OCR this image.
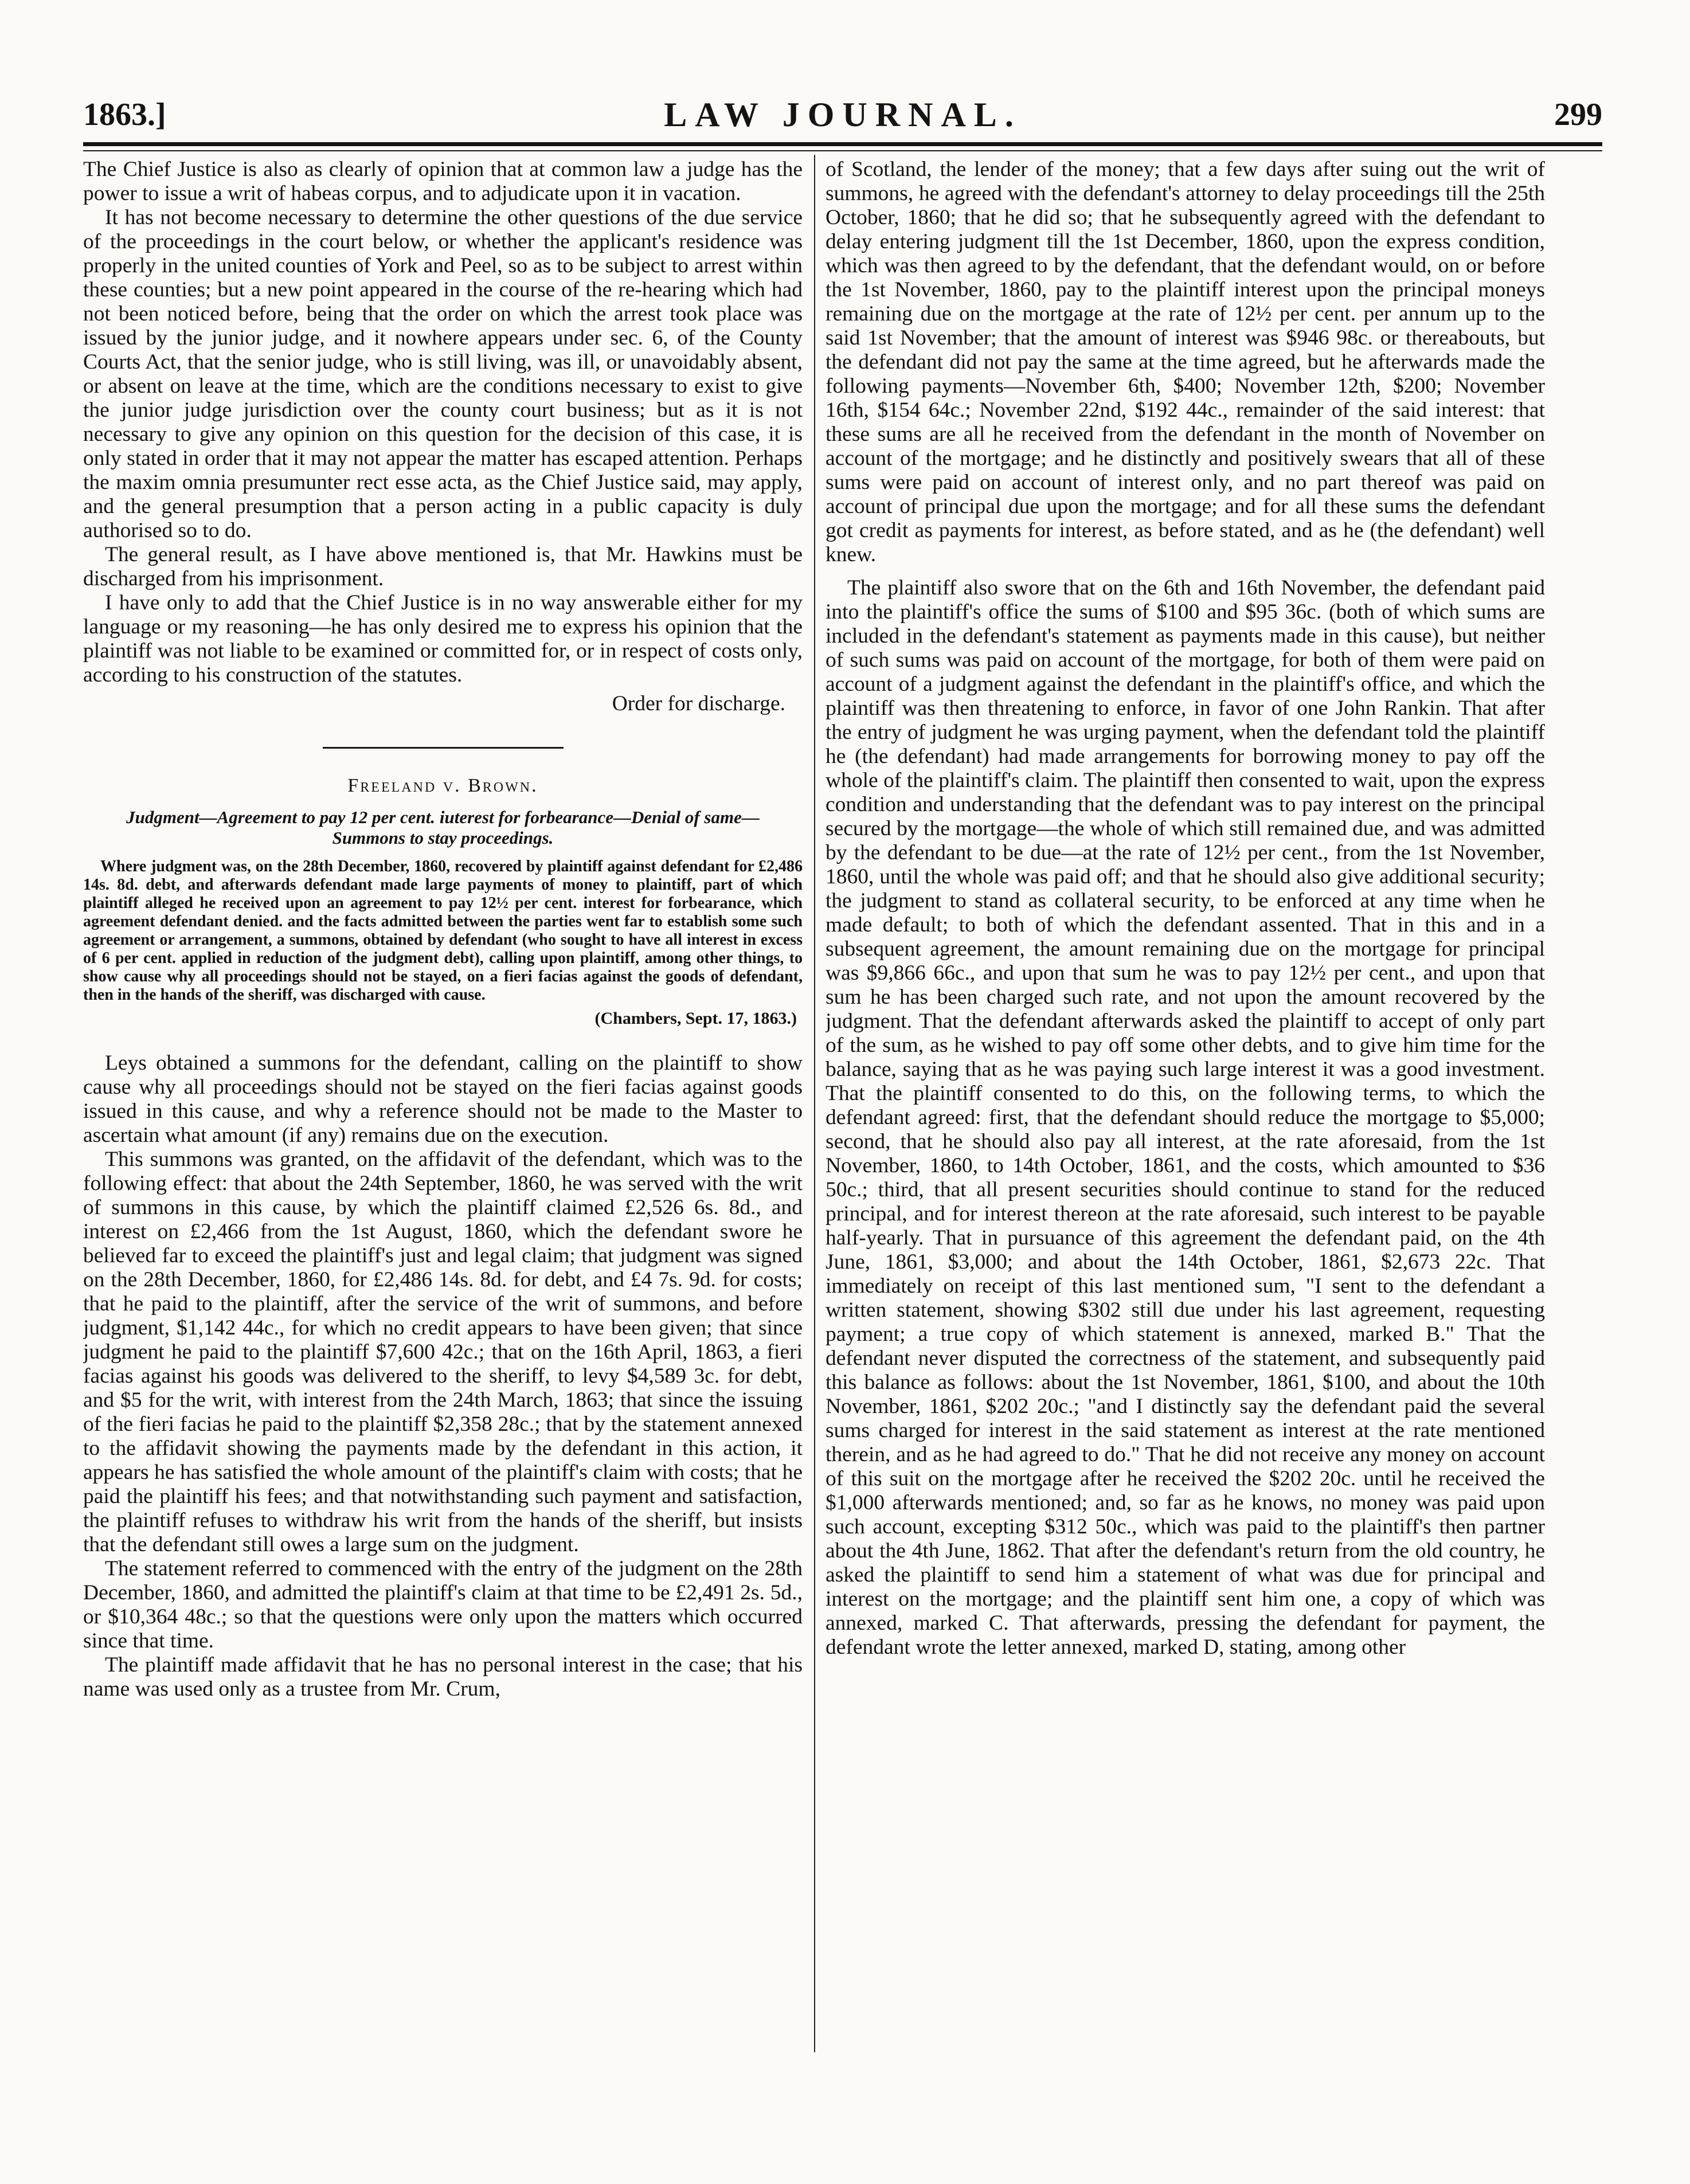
1863.]	LAW JOURNAL.	299

The Chief Justice is also as clearly of opinion that at common law a judge has the power to issue a writ of habeas corpus, and to adjudicate upon it in vacation.

It has not become necessary to determine the other questions of the due service of the proceedings in the court below, or whether the applicant's residence was properly in the united counties of York and Peel, so as to be subject to arrest within these counties; but a new point appeared in the course of the re-hearing which had not been noticed before, being that the order on which the arrest took place was issued by the junior judge, and it nowhere appears under sec. 6, of the County Courts Act, that the senior judge, who is still living, was ill, or unavoidably absent, or absent on leave at the time, which are the conditions necessary to exist to give the junior judge jurisdiction over the county court business; but as it is not necessary to give any opinion on this question for the decision of this case, it is only stated in order that it may not appear the matter has escaped attention. Perhaps the maxim omnia presumunter rect esse acta, as the Chief Justice said, may apply, and the general presumption that a person acting in a public capacity is duly authorised so to do.

The general result, as I have above mentioned is, that Mr. Hawkins must be discharged from his imprisonment.

I have only to add that the Chief Justice is in no way answerable either for my language or my reasoning—he has only desired me to express his opinion that the plaintiff was not liable to be examined or committed for, or in respect of costs only, according to his construction of the statutes.

Order for discharge.

Freeland v. Brown.
Judgment—Agreement to pay 12 per cent. iuterest for forbearance—Denial of same—Summons to stay proceedings.
Where judgment was, on the 28th December, 1860, recovered by plaintiff against defendant for £2,486 14s. 8d. debt, and afterwards defendant made large payments of money to plaintiff, part of which plaintiff alleged he received upon an agreement to pay 12½ per cent. interest for forbearance, which agreement defendant denied. and the facts admitted between the parties went far to establish some such agreement or arrangement, a summons, obtained by defendant (who sought to have all interest in excess of 6 per cent. applied in reduction of the judgment debt), calling upon plaintiff, among other things, to show cause why all proceedings should not be stayed, on a fieri facias against the goods of defendant, then in the hands of the sheriff, was discharged with cause.
(Chambers, Sept. 17, 1863.)

Leys obtained a summons for the defendant, calling on the plaintiff to show cause why all proceedings should not be stayed on the fieri facias against goods issued in this cause, and why a reference should not be made to the Master to ascertain what amount (if any) remains due on the execution.

This summons was granted, on the affidavit of the defendant, which was to the following effect: that about the 24th September, 1860, he was served with the writ of summons in this cause, by which the plaintiff claimed £2,526 6s. 8d., and interest on £2,466 from the 1st August, 1860, which the defendant swore he believed far to exceed the plaintiff's just and legal claim; that judgment was signed on the 28th December, 1860, for £2,486 14s. 8d. for debt, and £4 7s. 9d. for costs; that he paid to the plaintiff, after the service of the writ of summons, and before judgment, $1,142 44c., for which no credit appears to have been given; that since judgment he paid to the plaintiff $7,600 42c.; that on the 16th April, 1863, a fieri facias against his goods was delivered to the sheriff, to levy $4,589 3c. for debt, and $5 for the writ, with interest from the 24th March, 1863; that since the issuing of the fieri facias he paid to the plaintiff $2,358 28c.; that by the statement annexed to the affidavit showing the payments made by the defendant in this action, it appears he has satisfied the whole amount of the plaintiff's claim with costs; that he paid the plaintiff his fees; and that notwithstanding such payment and satisfaction, the plaintiff refuses to withdraw his writ from the hands of the sheriff, but insists that the defendant still owes a large sum on the judgment.

The statement referred to commenced with the entry of the judgment on the 28th December, 1860, and admitted the plaintiff's claim at that time to be £2,491 2s. 5d., or $10,364 48c.; so that the questions were only upon the matters which occurred since that time.

The plaintiff made affidavit that he has no personal interest in the case; that his name was used only as a trustee from Mr. Crum,

of Scotland, the lender of the money; that a few days after suing out the writ of summons, he agreed with the defendant's attorney to delay proceedings till the 25th October, 1860; that he did so; that he subsequently agreed with the defendant to delay entering judgment till the 1st December, 1860, upon the express condition, which was then agreed to by the defendant, that the defendant would, on or before the 1st November, 1860, pay to the plaintiff interest upon the principal moneys remaining due on the mortgage at the rate of 12½ per cent. per annum up to the said 1st November; that the amount of interest was $946 98c. or thereabouts, but the defendant did not pay the same at the time agreed, but he afterwards made the following payments—November 6th, $400; November 12th, $200; November 16th, $154 64c.; November 22nd, $192 44c., remainder of the said interest: that these sums are all he received from the defendant in the month of November on account of the mortgage; and he distinctly and positively swears that all of these sums were paid on account of interest only, and no part thereof was paid on account of principal due upon the mortgage; and for all these sums the defendant got credit as payments for interest, as before stated, and as he (the defendant) well knew.

The plaintiff also swore that on the 6th and 16th November, the defendant paid into the plaintiff's office the sums of $100 and $95 36c. (both of which sums are included in the defendant's statement as payments made in this cause), but neither of such sums was paid on account of the mortgage, for both of them were paid on account of a judgment against the defendant in the plaintiff's office, and which the plaintiff was then threatening to enforce, in favor of one John Rankin. That after the entry of judgment he was urging payment, when the defendant told the plaintiff he (the defendant) had made arrangements for borrowing money to pay off the whole of the plaintiff's claim. The plaintiff then consented to wait, upon the express condition and understanding that the defendant was to pay interest on the principal secured by the mortgage—the whole of which still remained due, and was admitted by the defendant to be due—at the rate of 12½ per cent., from the 1st November, 1860, until the whole was paid off; and that he should also give additional security; the judgment to stand as collateral security, to be enforced at any time when he made default; to both of which the defendant assented. That in this and in a subsequent agreement, the amount remaining due on the mortgage for principal was $9,866 66c., and upon that sum he was to pay 12½ per cent., and upon that sum he has been charged such rate, and not upon the amount recovered by the judgment. That the defendant afterwards asked the plaintiff to accept of only part of the sum, as he wished to pay off some other debts, and to give him time for the balance, saying that as he was paying such large interest it was a good investment. That the plaintiff consented to do this, on the following terms, to which the defendant agreed: first, that the defendant should reduce the mortgage to $5,000; second, that he should also pay all interest, at the rate aforesaid, from the 1st November, 1860, to 14th October, 1861, and the costs, which amounted to $36 50c.; third, that all present securities should continue to stand for the reduced principal, and for interest thereon at the rate aforesaid, such interest to be payable half-yearly. That in pursuance of this agreement the defendant paid, on the 4th June, 1861, $3,000; and about the 14th October, 1861, $2,673 22c. That immediately on receipt of this last mentioned sum, "I sent to the defendant a written statement, showing $302 still due under his last agreement, requesting payment; a true copy of which statement is annexed, marked B." That the defendant never disputed the correctness of the statement, and subsequently paid this balance as follows: about the 1st November, 1861, $100, and about the 10th November, 1861, $202 20c.; "and I distinctly say the defendant paid the several sums charged for interest in the said statement as interest at the rate mentioned therein, and as he had agreed to do." That he did not receive any money on account of this suit on the mortgage after he received the $202 20c. until he received the $1,000 afterwards mentioned; and, so far as he knows, no money was paid upon such account, excepting $312 50c., which was paid to the plaintiff's then partner about the 4th June, 1862. That after the defendant's return from the old country, he asked the plaintiff to send him a statement of what was due for principal and interest on the mortgage; and the plaintiff sent him one, a copy of which was annexed, marked C. That afterwards, pressing the defendant for payment, the defendant wrote the letter annexed, marked D, stating, among other
